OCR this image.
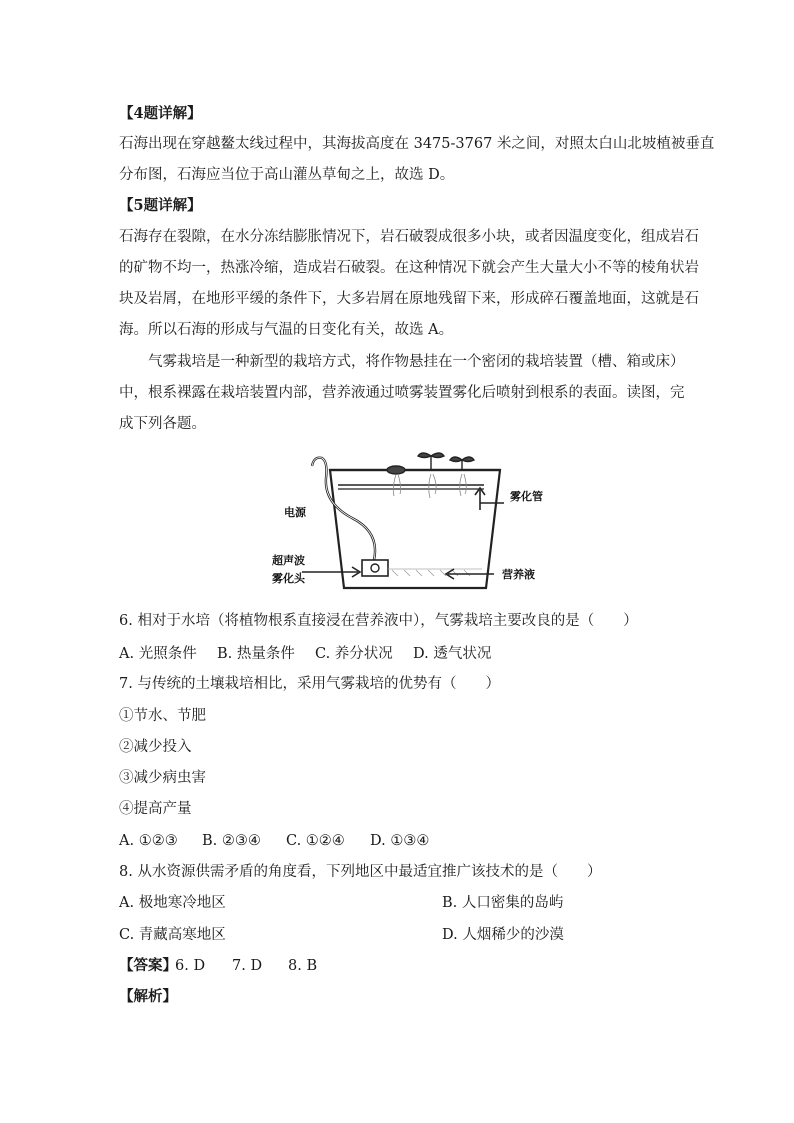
【4题详解】
石海出现在穿越鳌太线过程中，其海拔高度在 3475-3767 米之间，对照太白山北坡植被垂直
分布图，石海应当位于高山灌丛草甸之上，故选 D。
【5题详解】
石海存在裂隙，在水分冻结膨胀情况下，岩石破裂成很多小块，或者因温度变化，组成岩石
的矿物不均一，热涨冷缩，造成岩石破裂。在这种情况下就会产生大量大小不等的棱角状岩
块及岩屑，在地形平缓的条件下，大多岩屑在原地残留下来，形成碎石覆盖地面，这就是石
海。所以石海的形成与气温的日变化有关，故选 A。
　　气雾栽培是一种新型的栽培方式，将作物悬挂在一个密闭的栽培装置（槽、箱或床）
中，根系裸露在栽培装置内部，营养液通过喷雾装置雾化后喷射到根系的表面。读图，完
成下列各题。
电源
雾化管
超声波
雾化头	营养液
6. 相对于水培（将植物根系直接浸在营养液中），气雾栽培主要改良的是（　　）
A. 光照条件 B. 热量条件 C. 养分状况 D. 透气状况
7. 与传统的土壤栽培相比，采用气雾栽培的优势有（　　）
①节水、节肥
②减少投入
③减少病虫害
④提高产量
A. ①②③ B. ②③④ C. ①②④ D. ①③④
8. 从水资源供需矛盾的角度看，下列地区中最适宜推广该技术的是（　　）
A. 极地寒冷地区	B. 人口密集的岛屿
C. 青藏高寒地区	D. 人烟稀少的沙漠
【答案】
6. D 7. D 8. B
【解析】
